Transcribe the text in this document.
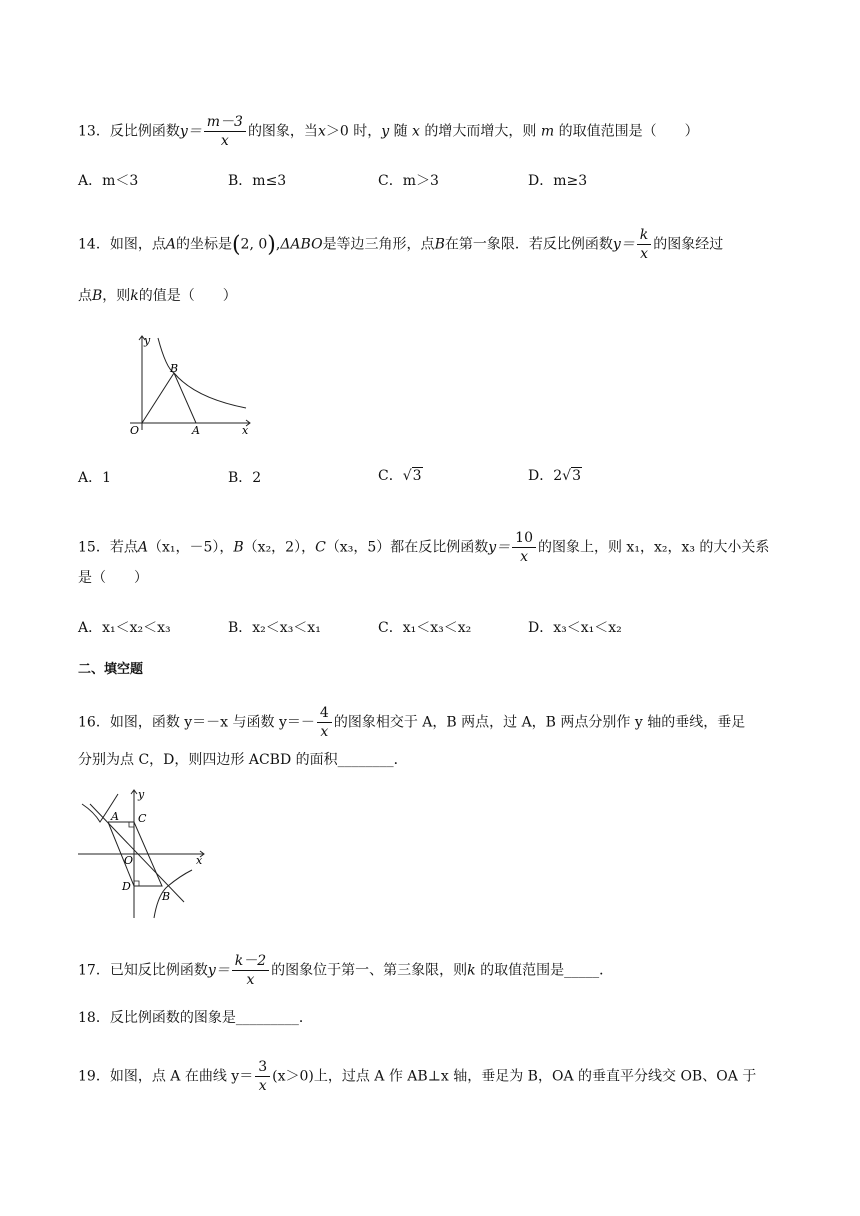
13．反比例函数$y= \frac{m-3}{x}$ 的图象，当x＞0 时，y 随 x 的增大而增大，则 m 的取值范围是（　　）
A．m＜3	B．m≤3	C．m＞3	D．m≥3
14．如图，点A的坐标是(2, 0),ΔABO是等边三角形，点B在第一象限．若反比例函数$y= \frac{k}{x}$ 的图象经过
点B，则k的值是（　　）
y
B
O	A	x
A．1	B．2	C．√3	D．2√3
15．若点A（x₁，－5），B（x₂，2），C（x₃，5）都在反比例函数$y= \frac{10}{x}$ 的图象上，则 x₁，x₂，x₃ 的大小关系
是（　　）
A．x₁＜x₂＜x₃	B．x₂＜x₃＜x₁	C．x₁＜x₃＜x₂	D．x₃＜x₁＜x₂
二、填空题
16．如图，函数 y＝－x 与函数 $y=- \frac{4}{x}$ 的图象相交于 A，B 两点，过 A，B 两点分别作 y 轴的垂线，垂足
分别为点 C，D，则四边形 ACBD 的面积________．
y
A C
O	x
D
B
17．已知反比例函数$y= \frac{k-2}{x}$ 的图象位于第一、第三象限，则k 的取值范围是_____．
18．反比例函数的图象是_________．
19．如图，点 A 在曲线 $y= \frac{3}{x} (x>0)$上，过点 A 作 AB⊥x 轴，垂足为 B，OA 的垂直平分线交 OB、OA 于
